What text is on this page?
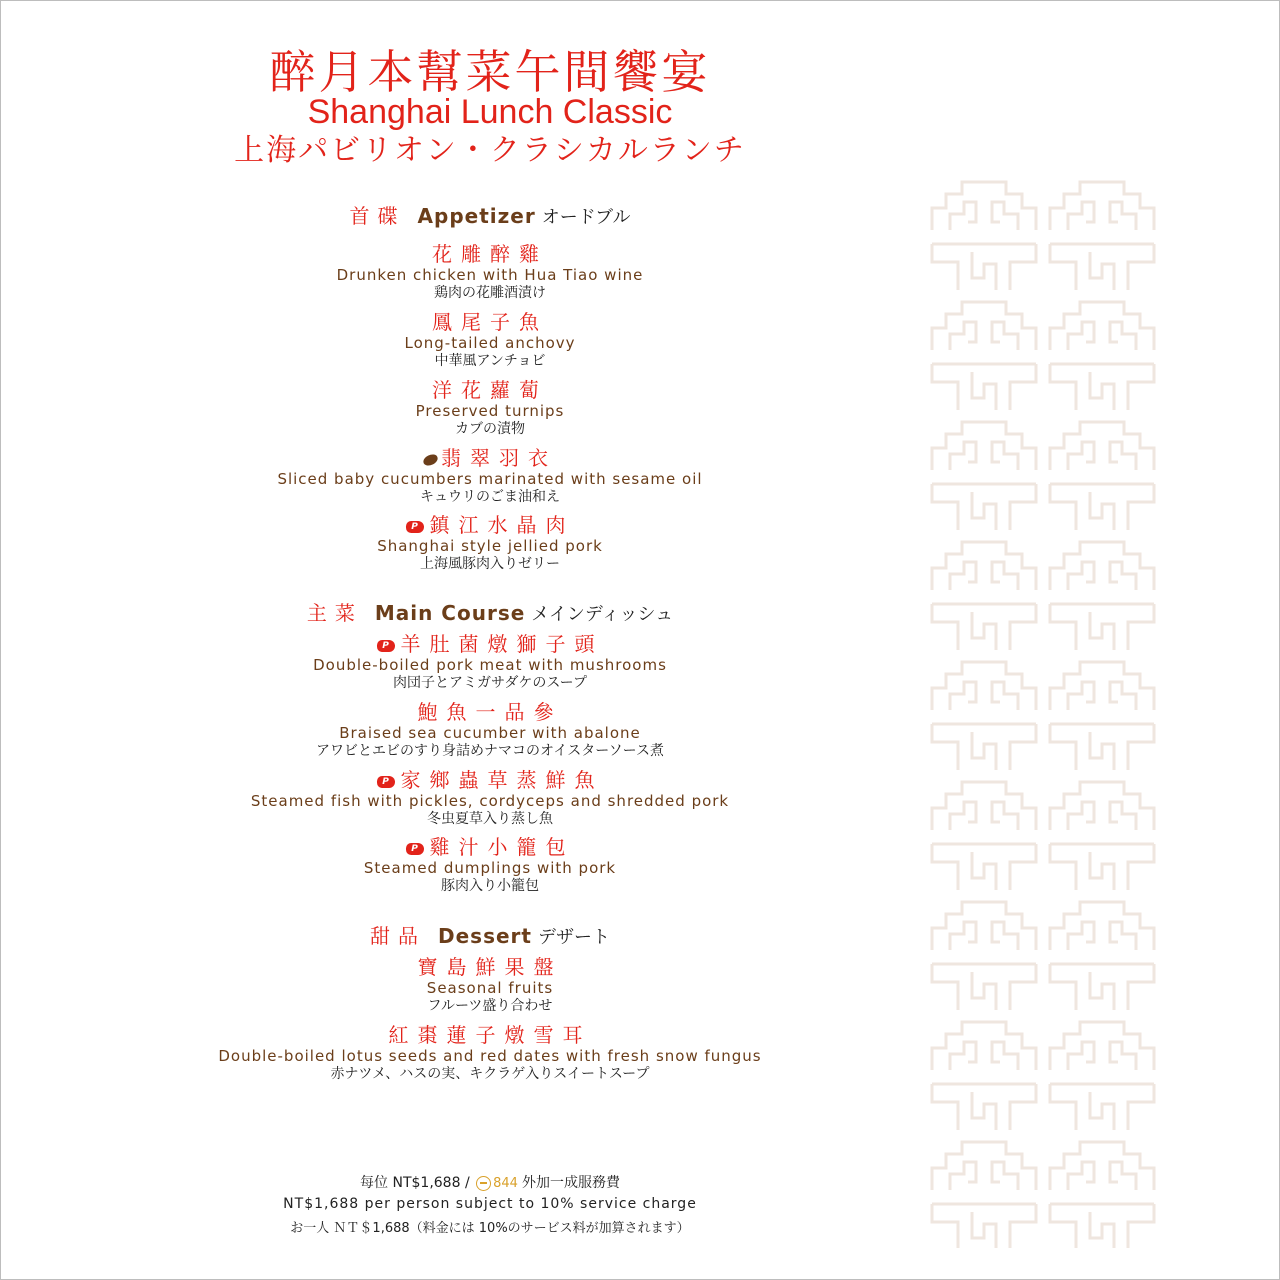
醉月本幫菜午間饗宴
Shanghai Lunch Classic
上海パビリオン・クラシカルランチ
首碟 Appetizer オードブル
花雕醉雞
Drunken chicken with Hua Tiao wine
鶏肉の花雕酒漬け
鳳尾子魚
Long-tailed anchovy
中華風アンチョビ
洋花蘿蔔
Preserved turnips
カブの漬物
翡翠羽衣
Sliced baby cucumbers marinated with sesame oil
キュウリのごま油和え
P 鎮江水晶肉
Shanghai style jellied pork
上海風豚肉入りゼリー
主菜 Main Course メインディッシュ
P 羊肚菌燉獅子頭
Double-boiled pork meat with mushrooms
肉団子とアミガサダケのスープ
鮑魚一品參
Braised sea cucumber with abalone
アワビとエビのすり身詰めナマコのオイスターソース煮
P 家鄉蟲草蒸鮮魚
Steamed fish with pickles, cordyceps and shredded pork
冬虫夏草入り蒸し魚
P 雞汁小籠包
Steamed dumplings with pork
豚肉入り小籠包
甜品 Dessert デザート
寶島鮮果盤
Seasonal fruits
フルーツ盛り合わせ
紅棗蓮子燉雪耳
Double-boiled lotus seeds and red dates with fresh snow fungus
赤ナツメ、ハスの実、キクラゲ入りスイートスープ
每位 NT$1,688 / 844 外加一成服務費
NT$1,688 per person subject to 10% service charge
お一人 ＮＴ＄1,688（料金には 10%のサービス料が加算されます）
